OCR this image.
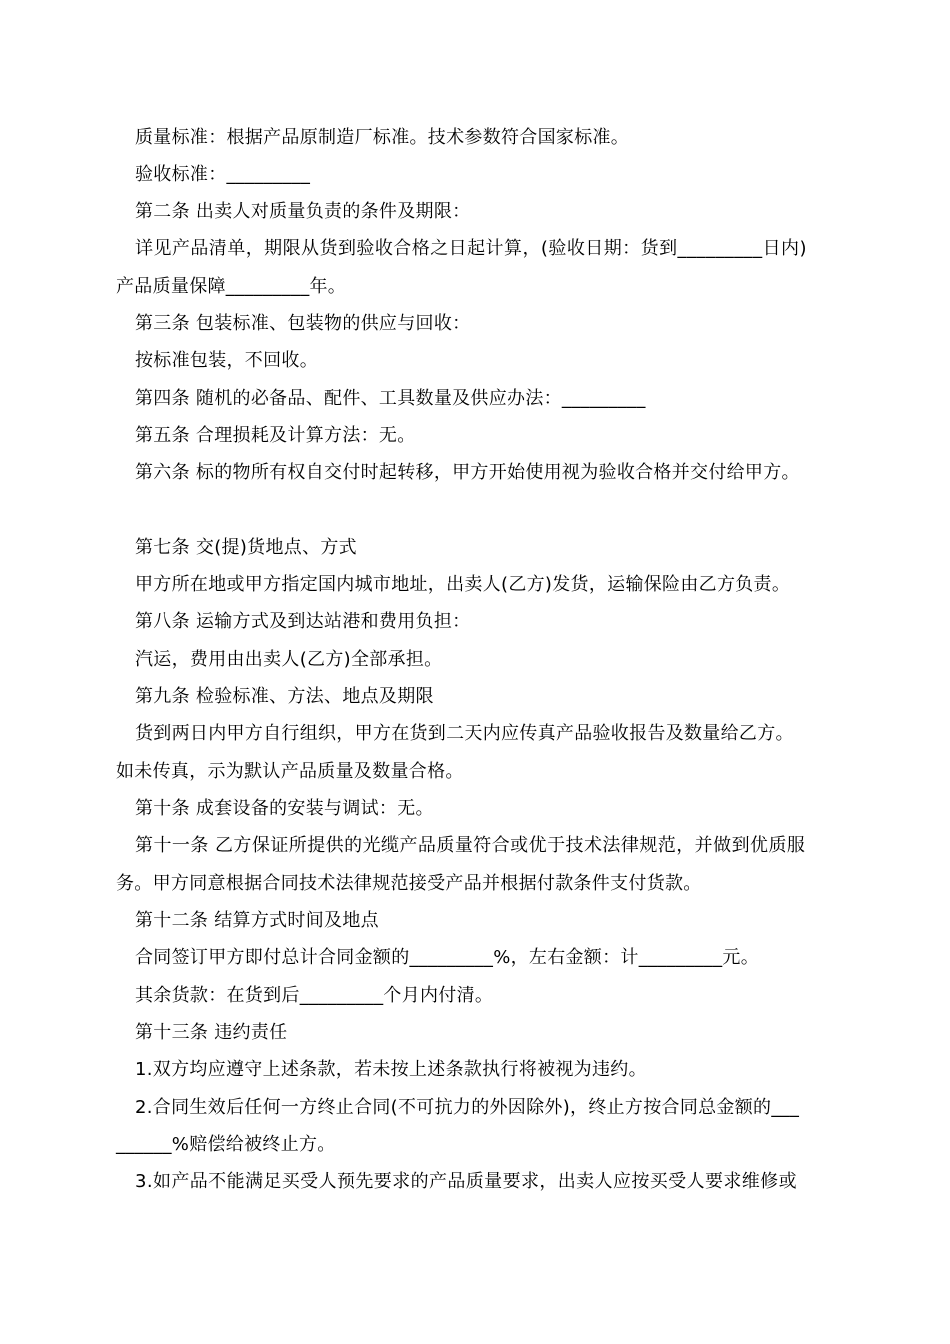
质量标准：根据产品原制造厂标准。技术参数符合国家标准。
验收标准：_________
第二条 出卖人对质量负责的条件及期限：
详见产品清单，期限从货到验收合格之日起计算，(验收日期：货到_________日内)
产品质量保障_________年。
第三条 包装标准、包装物的供应与回收：
按标准包装，不回收。
第四条 随机的必备品、配件、工具数量及供应办法：_________
第五条 合理损耗及计算方法：无。
第六条 标的物所有权自交付时起转移，甲方开始使用视为验收合格并交付给甲方。
第七条 交(提)货地点、方式
甲方所在地或甲方指定国内城市地址，出卖人(乙方)发货，运输保险由乙方负责。
第八条 运输方式及到达站港和费用负担：
汽运，费用由出卖人(乙方)全部承担。
第九条 检验标准、方法、地点及期限
货到两日内甲方自行组织，甲方在货到二天内应传真产品验收报告及数量给乙方。
如未传真，示为默认产品质量及数量合格。
第十条 成套设备的安装与调试：无。
第十一条 乙方保证所提供的光缆产品质量符合或优于技术法律规范，并做到优质服
务。甲方同意根据合同技术法律规范接受产品并根据付款条件支付货款。
第十二条 结算方式时间及地点
合同签订甲方即付总计合同金额的_________%，左右金额：计_________元。
其余货款：在货到后_________个月内付清。
第十三条 违约责任
1.双方均应遵守上述条款，若未按上述条款执行将被视为违约。
2.合同生效后任何一方终止合同(不可抗力的外因除外)，终止方按合同总金额的___
______%赔偿给被终止方。
3.如产品不能满足买受人预先要求的产品质量要求，出卖人应按买受人要求维修或
